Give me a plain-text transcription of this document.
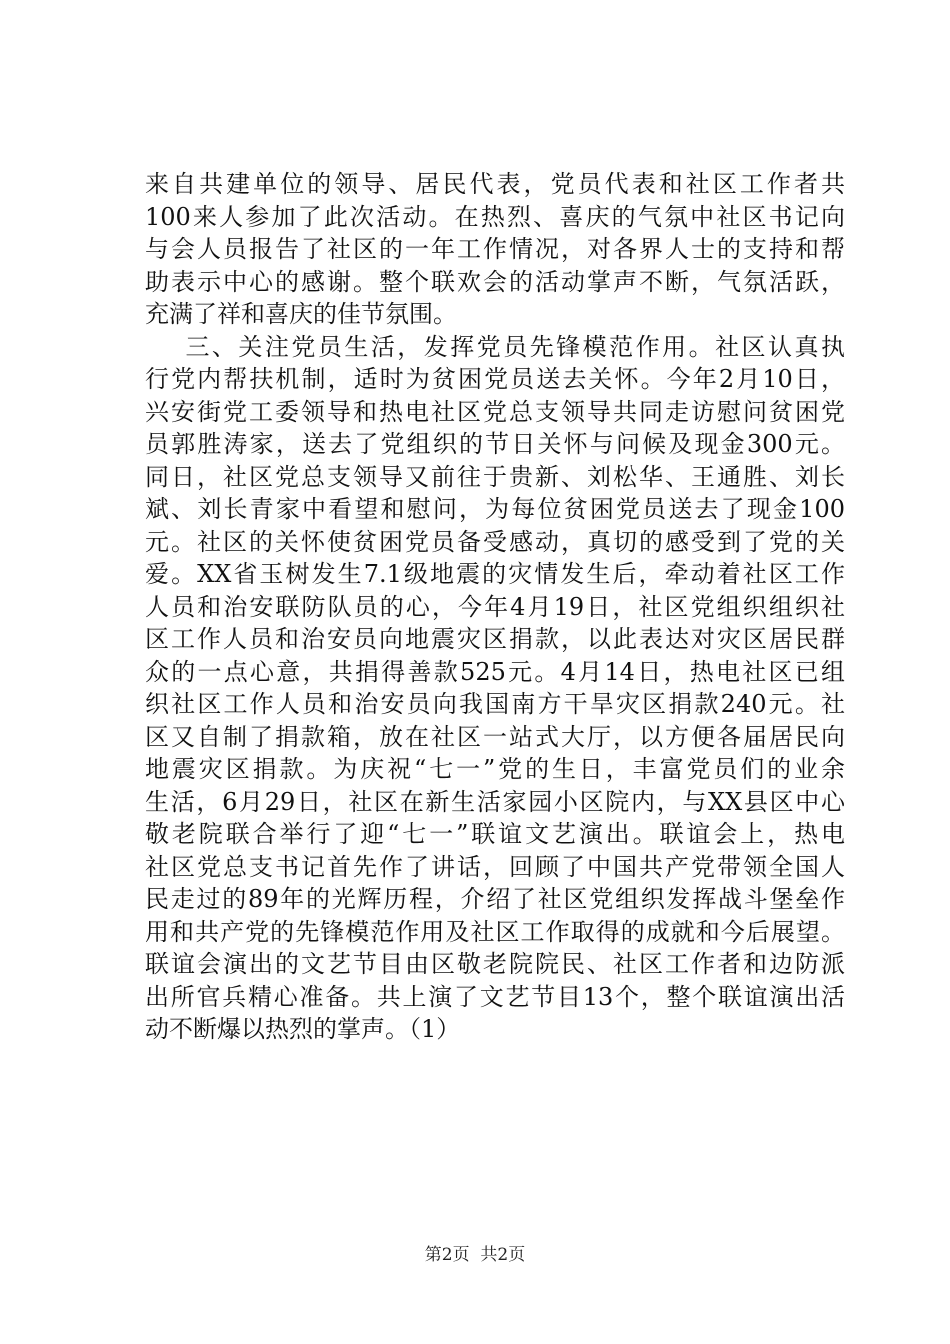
来自共建单位的领导、居民代表，党员代表和社区工作者共
100来人参加了此次活动。在热烈、喜庆的气氛中社区书记向
与会人员报告了社区的一年工作情况，对各界人士的支持和帮
助表示中心的感谢。整个联欢会的活动掌声不断，气氛活跃，
充满了祥和喜庆的佳节氛围。
三、关注党员生活，发挥党员先锋模范作用。社区认真执
行党内帮扶机制，适时为贫困党员送去关怀。今年2月10日，
兴安街党工委领导和热电社区党总支领导共同走访慰问贫困党
员郭胜涛家，送去了党组织的节日关怀与问候及现金300元。
同日，社区党总支领导又前往于贵新、刘松华、王通胜、刘长
斌、刘长青家中看望和慰问，为每位贫困党员送去了现金100
元。社区的关怀使贫困党员备受感动，真切的感受到了党的关
爱。XX省玉树发生7.1级地震的灾情发生后，牵动着社区工作
人员和治安联防队员的心，今年4月19日，社区党组织组织社
区工作人员和治安员向地震灾区捐款，以此表达对灾区居民群
众的一点心意，共捐得善款525元。4月14日，热电社区已组
织社区工作人员和治安员向我国南方干旱灾区捐款240元。社
区又自制了捐款箱，放在社区一站式大厅，以方便各届居民向
地震灾区捐款。为庆祝“七一”党的生日，丰富党员们的业余
生活，6月29日，社区在新生活家园小区院内，与XX县区中心
敬老院联合举行了迎“七一”联谊文艺演出。联谊会上，热电
社区党总支书记首先作了讲话，回顾了中国共产党带领全国人
民走过的89年的光辉历程，介绍了社区党组织发挥战斗堡垒作
用和共产党的先锋模范作用及社区工作取得的成就和今后展望。
联谊会演出的文艺节目由区敬老院院民、社区工作者和边防派
出所官兵精心准备。共上演了文艺节目13个，整个联谊演出活
动不断爆以热烈的掌声。（1）
第2页  共2页
